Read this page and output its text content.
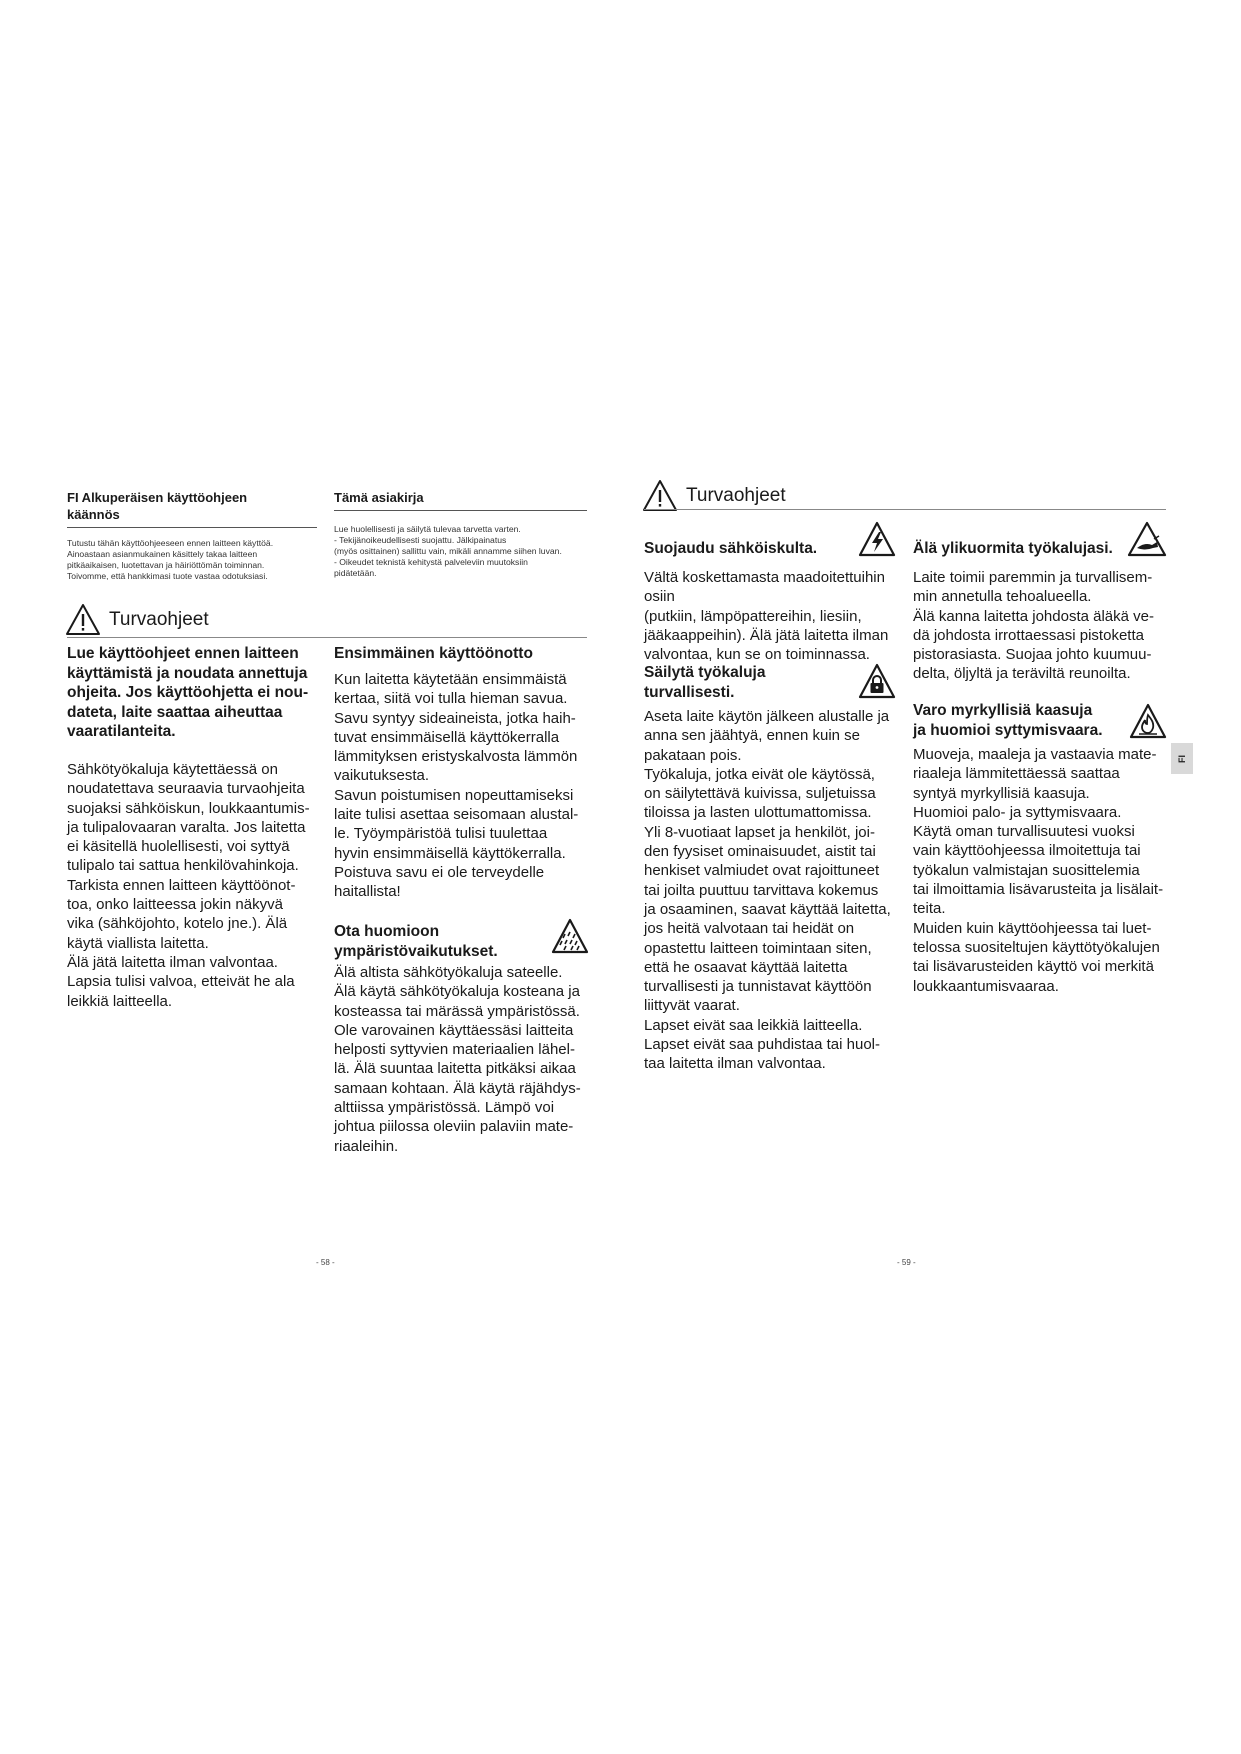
FI Alkuperäisen käyttöohjeen
käännös
Tutustu tähän käyttöohjeeseen ennen laitteen käyttöä.
Ainoastaan asianmukainen käsittely takaa laitteen
pitkäaikaisen, luotettavan ja häiriöttömän toiminnan.
Toivomme, että hankkimasi tuote vastaa odotuksiasi.
Tämä asiakirja
Lue huolellisesti ja säilytä tulevaa tarvetta varten.
- Tekijänoikeudellisesti suojattu. Jälkipainatus
(myös osittainen) sallittu vain, mikäli annamme siihen luvan.
- Oikeudet teknistä kehitystä palveleviin muutoksiin
pidätetään.
Turvaohjeet
Lue käyttöohjeet ennen laitteen
käyttämistä ja noudata annettuja
ohjeita. Jos käyttöohjetta ei nou-
dateta, laite saattaa aiheuttaa
vaaratilanteita.
Sähkötyökaluja käytettäessä on
noudatettava seuraavia turvaohjeita
suojaksi sähköiskun, loukkaantumis-
ja tulipalovaaran varalta. Jos laitetta
ei käsitellä huolellisesti, voi syttyä
tulipalo tai sattua henkilövahinkoja.
Tarkista ennen laitteen käyttöönot-
toa, onko laitteessa jokin näkyvä
vika (sähköjohto, kotelo jne.). Älä
käytä viallista laitetta.
Älä jätä laitetta ilman valvontaa.
Lapsia tulisi valvoa, etteivät he ala
leikkiä laitteella.
Ensimmäinen käyttöönotto
Kun laitetta käytetään ensimmäistä
kertaa, siitä voi tulla hieman savua.
Savu syntyy sideaineista, jotka haih-
tuvat ensimmäisellä käyttökerralla
lämmityksen eristyskalvosta lämmön
vaikutuksesta.
Savun poistumisen nopeuttamiseksi
laite tulisi asettaa seisomaan alustal-
le. Työympäristöä tulisi tuulettaa
hyvin ensimmäisellä käyttökerralla.
Poistuva savu ei ole terveydelle
haitallista!
Ota huomioon
ympäristövaikutukset.
Älä altista sähkötyökaluja sateelle.
Älä käytä sähkötyökaluja kosteana ja
kosteassa tai märässä ympäristössä.
Ole varovainen käyttäessäsi laitteita
helposti syttyvien materiaalien lähel-
lä. Älä suuntaa laitetta pitkäksi aikaa
samaan kohtaan. Älä käytä räjähdys-
alttiissa ympäristössä. Lämpö voi
johtua piilossa oleviin palaviin mate-
riaaleihin.
- 58 -
Turvaohjeet
Suojaudu sähköiskulta.
Vältä koskettamasta maadoitettuihin osiin
(putkiin, lämpöpattereihin, liesiin,
jääkaappeihin). Älä jätä laitetta ilman
valvontaa, kun se on toiminnassa.
Säilytä työkaluja
turvallisesti.
Aseta laite käytön jälkeen alustalle ja
anna sen jäähtyä, ennen kuin se
pakataan pois.
Työkaluja, jotka eivät ole käytössä,
on säilytettävä kuivissa, suljetuissa
tiloissa ja lasten ulottumattomissa.
Yli 8-vuotiaat lapset ja henkilöt, joi-
den fyysiset ominaisuudet, aistit tai
henkiset valmiudet ovat rajoittuneet
tai joilta puuttuu tarvittava kokemus
ja osaaminen, saavat käyttää laitetta,
jos heitä valvotaan tai heidät on
opastettu laitteen toimintaan siten,
että he osaavat käyttää laitetta
turvallisesti ja tunnistavat käyttöön
liittyvät vaarat.
Lapset eivät saa leikkiä laitteella.
Lapset eivät saa puhdistaa tai huol-
taa laitetta ilman valvontaa.
Älä ylikuormita työkalujasi.
Laite toimii paremmin ja turvallisem-
min annetulla tehoalueella.
Älä kanna laitetta johdosta äläkä ve-
dä johdosta irrottaessasi pistoketta
pistorasiasta. Suojaa johto kuumuu-
delta, öljyltä ja teräviltä reunoilta.
Varo myrkyllisiä kaasuja
ja huomioi syttymisvaara.
Muoveja, maaleja ja vastaavia mate-
riaaleja lämmitettäessä saattaa
syntyä myrkyllisiä kaasuja.
Huomioi palo- ja syttymisvaara.
Käytä oman turvallisuutesi vuoksi
vain käyttöohjeessa ilmoitettuja tai
työkalun valmistajan suosittelemia
tai ilmoittamia lisävarusteita ja lisälait-
teita.
Muiden kuin käyttöohjeessa tai luet-
telossa suositeltujen käyttötyökalujen
tai lisävarusteiden käyttö voi merkitä
loukkaantumisvaaraa.
FI
- 59 -
